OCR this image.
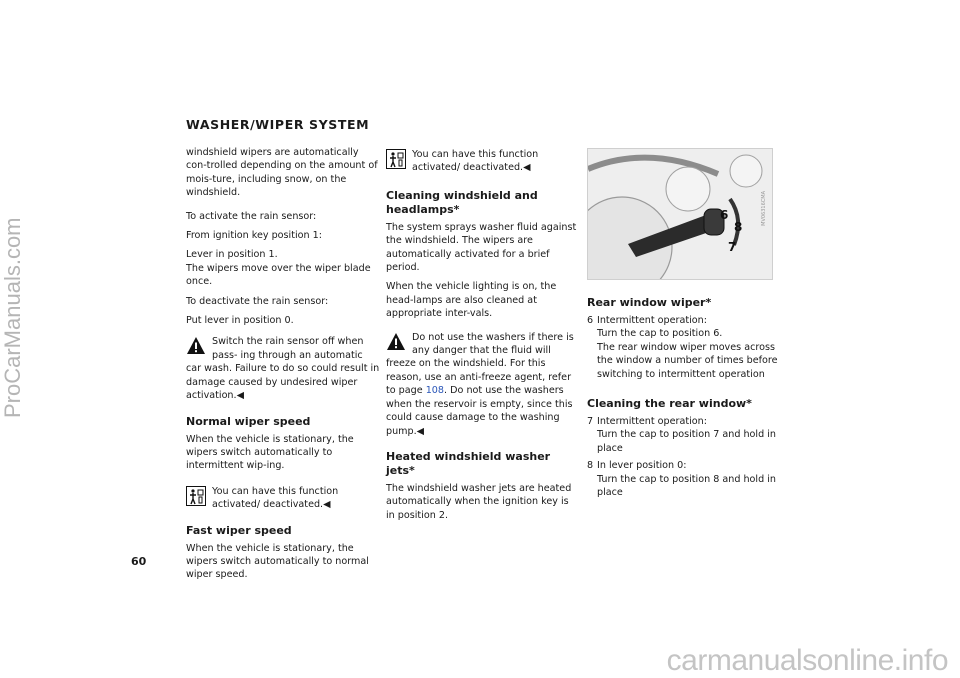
ProCarManuals.com
WASHER/WIPER SYSTEM

windshield wipers are automatically con-trolled depending on the amount of mois-ture, including snow, on the windshield.

To activate the rain sensor:

From ignition key position 1:

Lever in position 1.

The wipers move over the wiper blade once.

To deactivate the rain sensor:

Put lever in position 0.

Switch the rain sensor off when pass- ing through an automatic car wash. Failure to do so could result in damage caused by undesired wiper activation.◀

Normal wiper speed

When the vehicle is stationary, the wipers switch automatically to intermittent wip-ing.

You can have this function activated/ deactivated.◀
Fast wiper speed

When the vehicle is stationary, the wipers switch automatically to normal wiper speed.

You can have this function activated/ deactivated.◀
Cleaning windshield and headlamps*

The system sprays washer fluid against the windshield. The wipers are automatically activated for a brief period.

When the vehicle lighting is on, the head-lamps are also cleaned at appropriate inter-vals.

Do not use the washers if there is any danger that the fluid will freeze on the windshield. For this reason, use an anti-freeze agent, refer to page 108. Do not use the washers when the reservoir is empty, since this could cause damage to the washing pump.◀

Heated windshield washer jets*

The windshield washer jets are heated automatically when the ignition key is in position 2.

6
8
7
MV06316CMA
Rear window wiper*
6 Intermittent operation:
Turn the cap to position 6.
The rear window wiper moves across the window a number of times before switching to intermittent operation
Cleaning the rear window*
7 Intermittent operation:
Turn the cap to position 7 and hold in place
8 In lever position 0:
Turn the cap to position 8 and hold in place
60
carmanualsonline.info
